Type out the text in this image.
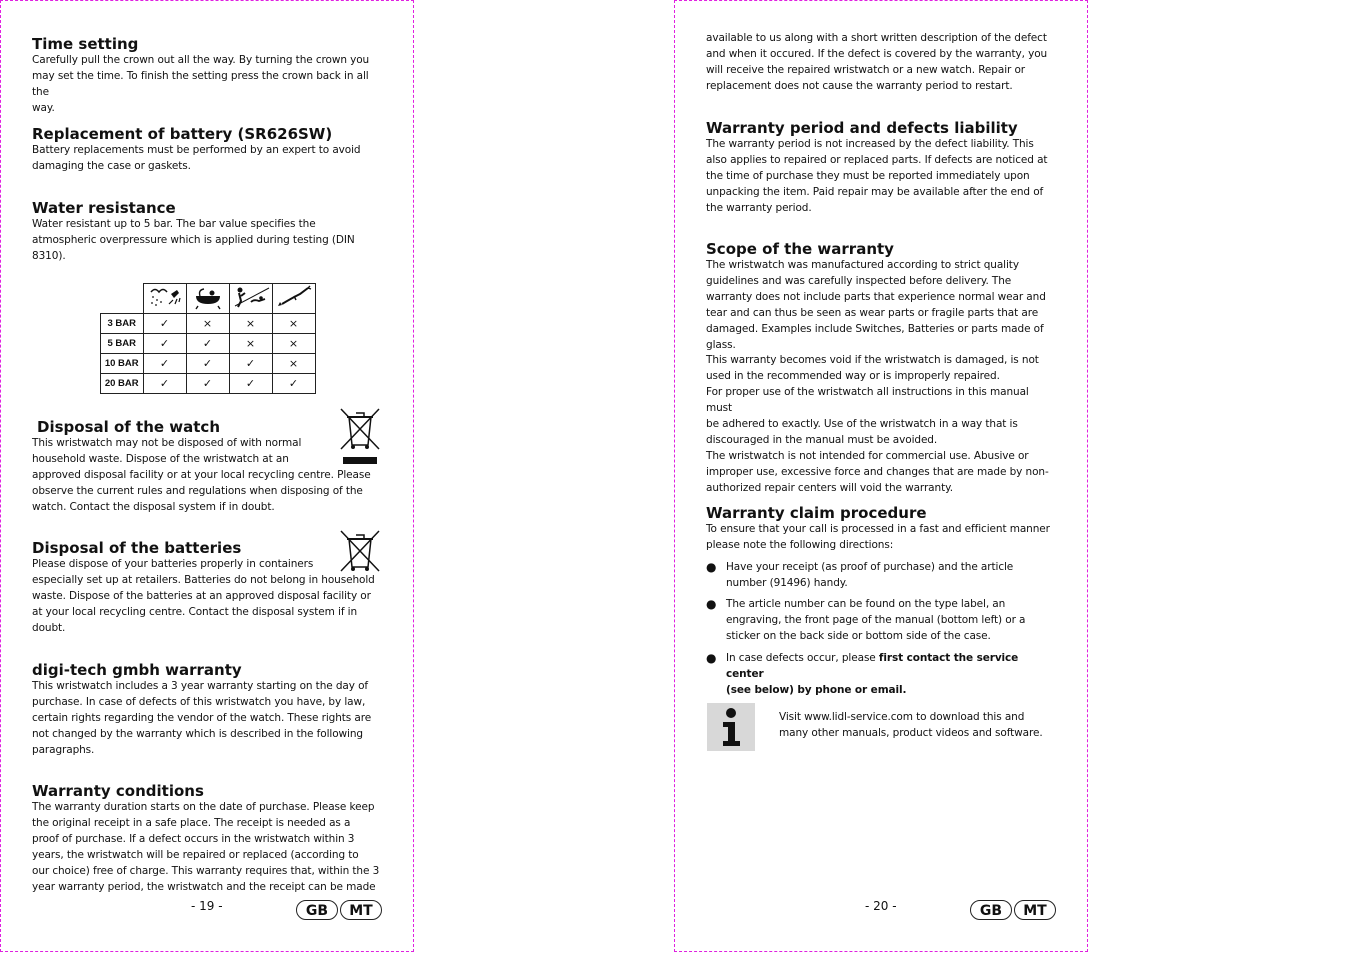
Time setting

Carefully pull the crown out all the way. By turning the crown you

may set the time. To finish the setting press the crown back in all the

way.

Replacement of battery (SR626SW)

Battery replacements must be performed by an expert to avoid

damaging the case or gaskets.

Water resistance

Water resistant up to 5 bar. The bar value specifies the

atmospheric overpressure which is applied during testing (DIN

8310).

3 BAR	✓	×	×	×
5 BAR	✓	✓	×	×
10 BAR	✓	✓	✓	×
20 BAR	✓	✓	✓	✓
Disposal of the watch

This wristwatch may not be disposed of with normal

household waste. Dispose of the wristwatch at an

approved disposal facility or at your local recycling centre. Please

observe the current rules and regulations when disposing of the

watch. Contact the disposal system if in doubt.

Disposal of the batteries

Please dispose of your batteries properly in containers

especially set up at retailers. Batteries do not belong in household

waste. Dispose of the batteries at an approved disposal facility or

at your local recycling centre. Contact the disposal system if in

doubt.

digi-tech gmbh warranty

This wristwatch includes a 3 year warranty starting on the day of

purchase. In case of defects of this wristwatch you have, by law,

certain rights regarding the vendor of the watch. These rights are

not changed by the warranty which is described in the following

paragraphs.

Warranty conditions

The warranty duration starts on the date of purchase. Please keep

the original receipt in a safe place. The receipt is needed as a

proof of purchase. If a defect occurs in the wristwatch within 3

years, the wristwatch will be repaired or replaced (according to

our choice) free of charge. This warranty requires that, within the 3

year warranty period, the wristwatch and the receipt can be made

- 19 -	GB	MT

available to us along with a short written description of the defect

and when it occured. If the defect is covered by the warranty, you

will receive the repaired wristwatch or a new watch. Repair or

replacement does not cause the warranty period to restart.

Warranty period and defects liability

The warranty period is not increased by the defect liability. This

also applies to repaired or replaced parts. If defects are noticed at

the time of purchase they must be reported immediately upon

unpacking the item. Paid repair may be available after the end of

the warranty period.

Scope of the warranty

The wristwatch was manufactured according to strict quality

guidelines and was carefully inspected before delivery. The

warranty does not include parts that experience normal wear and

tear and can thus be seen as wear parts or fragile parts that are

damaged. Examples include Switches, Batteries or parts made of

glass.

This warranty becomes void if the wristwatch is damaged, is not

used in the recommended way or is improperly repaired.

For proper use of the wristwatch all instructions in this manual must

be adhered to exactly. Use of the wristwatch in a way that is

discouraged in the manual must be avoided.

The wristwatch is not intended for commercial use. Abusive or

improper use, excessive force and changes that are made by non-

authorized repair centers will void the warranty.

Warranty claim procedure

To ensure that your call is processed in a fast and efficient manner

please note the following directions:

● Have your receipt (as proof of purchase) and the article

number (91496) handy.

● The article number can be found on the type label, an

engraving, the front page of the manual (bottom left) or a

sticker on the back side or bottom side of the case.

● In case defects occur, please first contact the service center

(see below) by phone or email.

Visit www.lidl-service.com to download this and

many other manuals, product videos and software.

- 20 -	GB	MT
